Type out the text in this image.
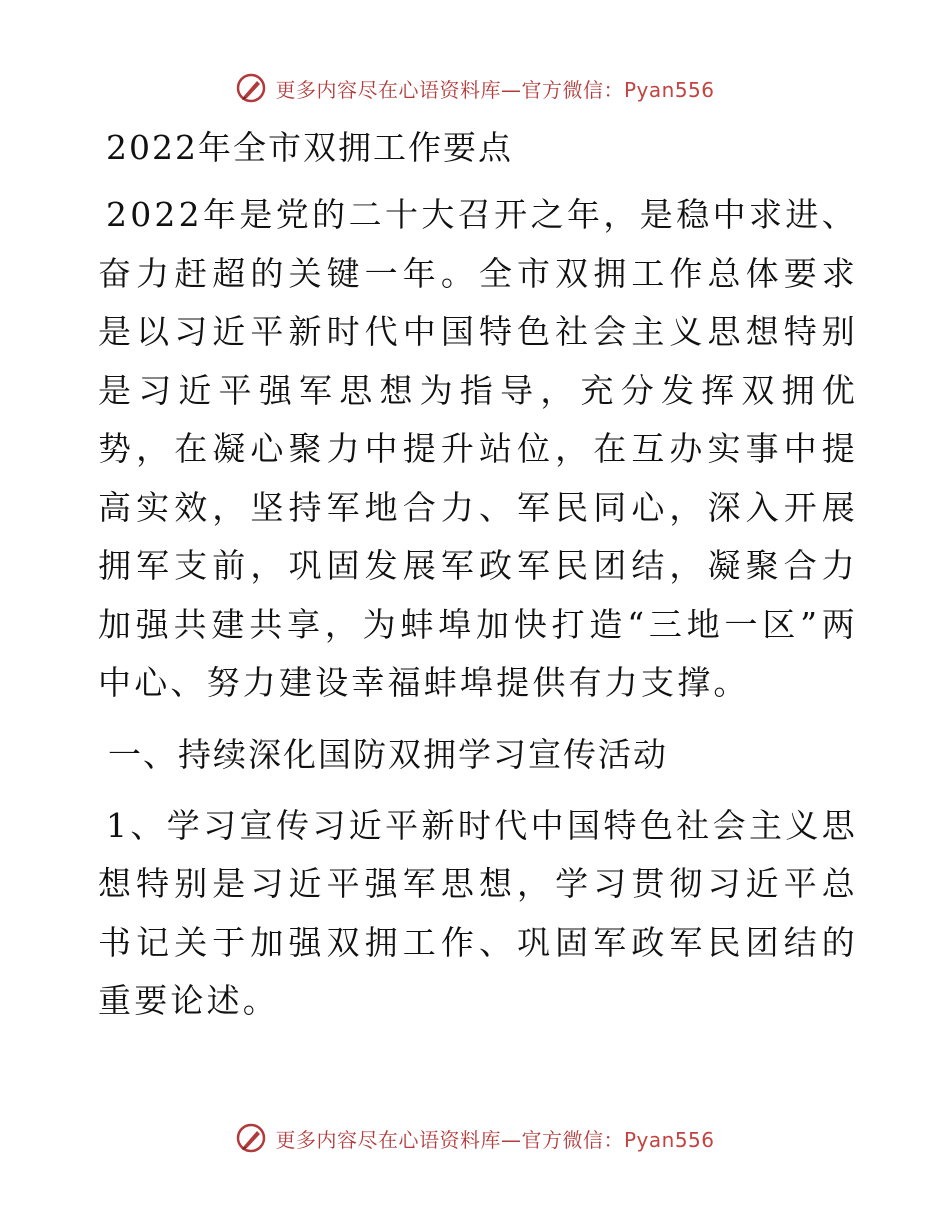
更多内容尽在心语资料库—官方微信：Pyan556
2022年全市双拥工作要点

2022年是党的二十大召开之年，是稳中求进、奋力赶超的关键一年。全市双拥工作总体要求是以习近平新时代中国特色社会主义思想特别是习近平强军思想为指导，充分发挥双拥优势，在凝心聚力中提升站位，在互办实事中提高实效，坚持军地合力、军民同心，深入开展拥军支前，巩固发展军政军民团结，凝聚合力加强共建共享，为蚌埠加快打造“三地一区”两中心、努力建设幸福蚌埠提供有力支撑。

一、持续深化国防双拥学习宣传活动

1、学习宣传习近平新时代中国特色社会主义思想特别是习近平强军思想，学习贯彻习近平总书记关于加强双拥工作、巩固军政军民团结的重要论述。

更多内容尽在心语资料库—官方微信：Pyan556
